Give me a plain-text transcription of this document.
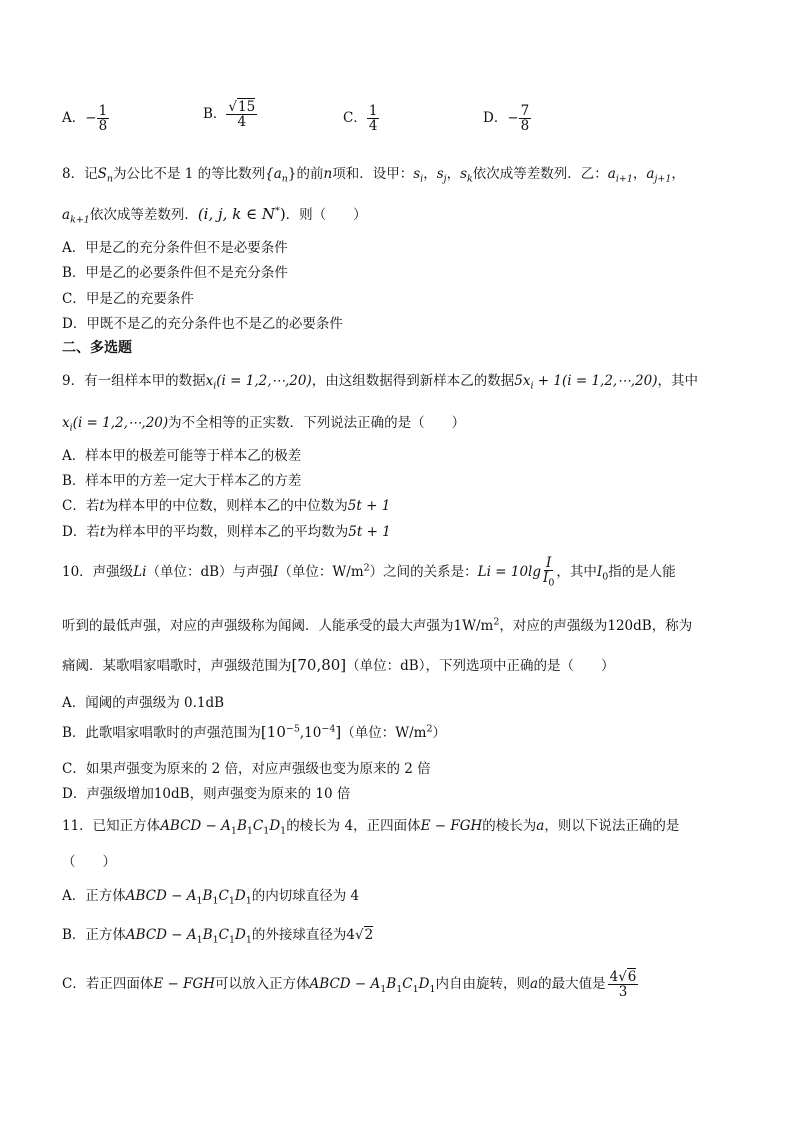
A．− $\frac{1}{8}$	B． $\frac{√15}{4}$	C． $\frac{1}{4}$	D．− $\frac{7}{8}$
8．记$S_n$为公比不是 1 的等比数列$\{a_n\}$的前n项和．设甲：$s_i$，$s_j$，$s_k$依次成等差数列．乙：$a_{i+1}$，$a_{j+1}$，
$a_{k+1}$依次成等差数列．(i, j, k ∈ N*)．则（　　）
A．甲是乙的充分条件但不是必要条件
B．甲是乙的必要条件但不是充分条件
C．甲是乙的充要条件
D．甲既不是乙的充分条件也不是乙的必要条件
二、多选题
9．有一组样本甲的数据$x_i(i$ = 1,2,⋯,20)，由这组数据得到新样本乙的数据$5x_i + 1(i$ = 1,2,⋯,20)，其中
$x_i(i$ = 1,2,⋯,20)为不全相等的正实数．下列说法正确的是（　　）
A．样本甲的极差可能等于样本乙的极差
B．样本甲的方差一定大于样本乙的方差
C．若t为样本甲的中位数，则样本乙的中位数为5t + 1
D．若t为样本甲的平均数，则样本乙的平均数为5t + 1
10．声强级Li（单位：dB）与声强I（单位：$W/m^2$）之间的关系是：$Li = 10\lg \frac{I}{I_0}$ ，其中$I_0$指的是人能
听到的最低声强，对应的声强级称为闻阈．人能承受的最大声强为$1W/m^2$，对应的声强级为120dB，称为
痛阈．某歌唱家唱歌时，声强级范围为[70,80]（单位：dB），下列选项中正确的是（　　）
A．闻阈的声强级为 0.1dB
B．此歌唱家唱歌时的声强范围为$[10^{-5},10^{-4}]$（单位：$W/m^2$）
C．如果声强变为原来的 2 倍，对应声强级也变为原来的 2 倍
D．声强级增加10dB，则声强变为原来的 10 倍
11．已知正方体ABCD − $A_1B_1C_1D_1$的棱长为 4，正四面体E − FGH的棱长为a，则以下说法正确的是
（　　）
A．正方体ABCD − $A_1B_1C_1D_1$的内切球直径为 4
B．正方体ABCD − $A_1B_1C_1D_1$的外接球直径为4√2
C．若正四面体E − FGH可以放入正方体ABCD − $A_1B_1C_1D_1$内自由旋转，则a的最大值是 $\frac{4√6}{3}$
